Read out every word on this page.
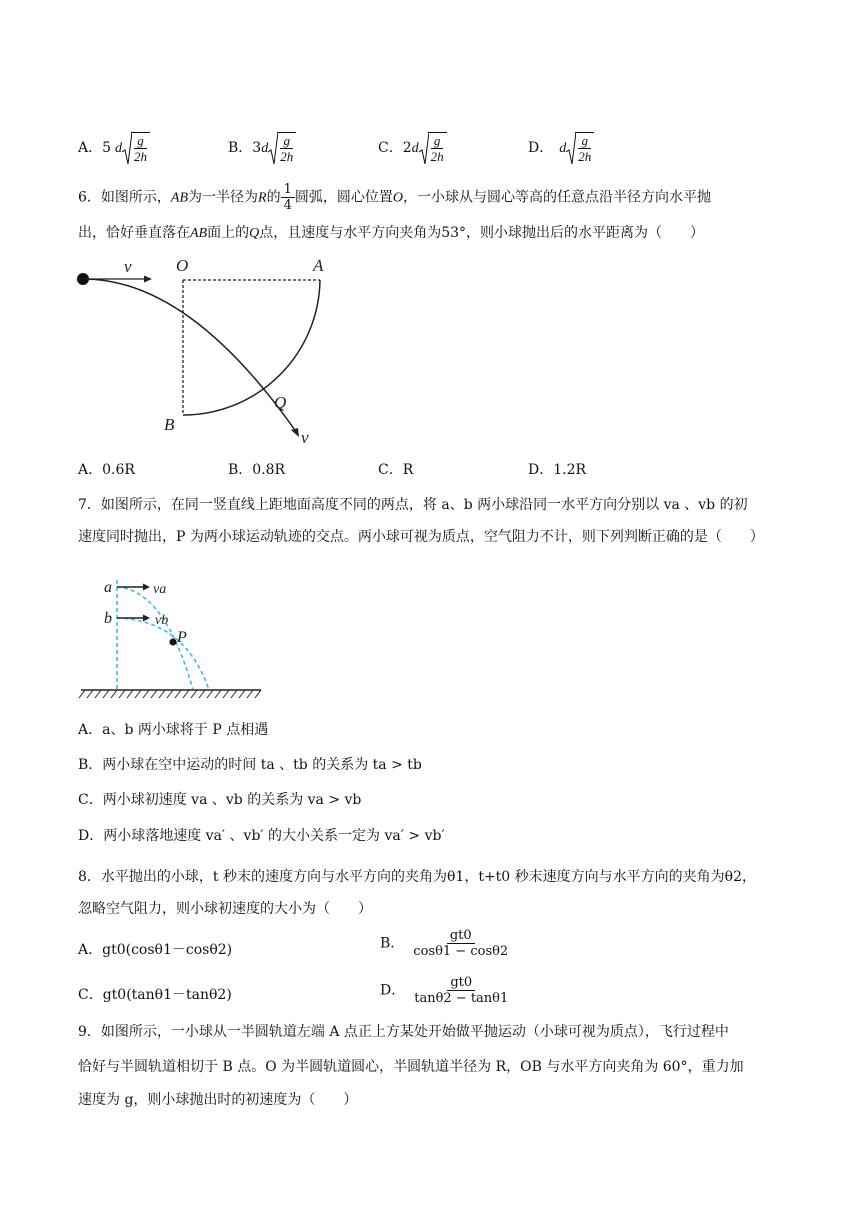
A．5 d $\frac{g}{2h}$	B．$3d \frac{g}{2h}$	C．$2d \frac{g}{2h}$	D． d $\frac{g}{2h}$
6．如图所示，AB为一半径为R的 $\frac{1}{4}$ 圆弧，圆心位置O，一小球从与圆心等高的任意点沿半径方向水平抛
出，恰好垂直落在AB面上的Q点，且速度与水平方向夹角为53°，则小球抛出后的水平距离为（　　）
v	O	A
B
Q
v
A．0.6R	B．0.8R	C．R	D．1.2R
7．如图所示，在同一竖直线上距地面高度不同的两点，将 a、b 两小球沿同一水平方向分别以 va 、vb 的初
速度同时抛出，P 为两小球运动轨迹的交点。两小球可视为质点，空气阻力不计，则下列判断正确的是（　　）
a	va
b	vb
P
A．a、b 两小球将于 P 点相遇
B．两小球在空中运动的时间 ta 、tb 的关系为 ta > tb
C．两小球初速度 va 、vb 的关系为 va > vb
D．两小球落地速度 va′ 、vb′ 的大小关系一定为 va′ > vb′
8．水平抛出的小球，t 秒末的速度方向与水平方向的夹角为θ1，t+t0 秒末速度方向与水平方向的夹角为θ2，
忽略空气阻力，则小球初速度的大小为（　　）
A．gt0(cosθ1－cosθ2)	B． $\frac{gt0}{\cos\theta 1 - \cos\theta 2}$
C．gt0(tanθ1－tanθ2)	D． $\frac{gt0}{\tan\theta 2 - \tan\theta 1}$
9．如图所示，一小球从一半圆轨道左端 A 点正上方某处开始做平抛运动（小球可视为质点），飞行过程中
恰好与半圆轨道相切于 B 点。O 为半圆轨道圆心，半圆轨道半径为 R，OB 与水平方向夹角为 60°，重力加
速度为 g，则小球抛出时的初速度为（　　）
